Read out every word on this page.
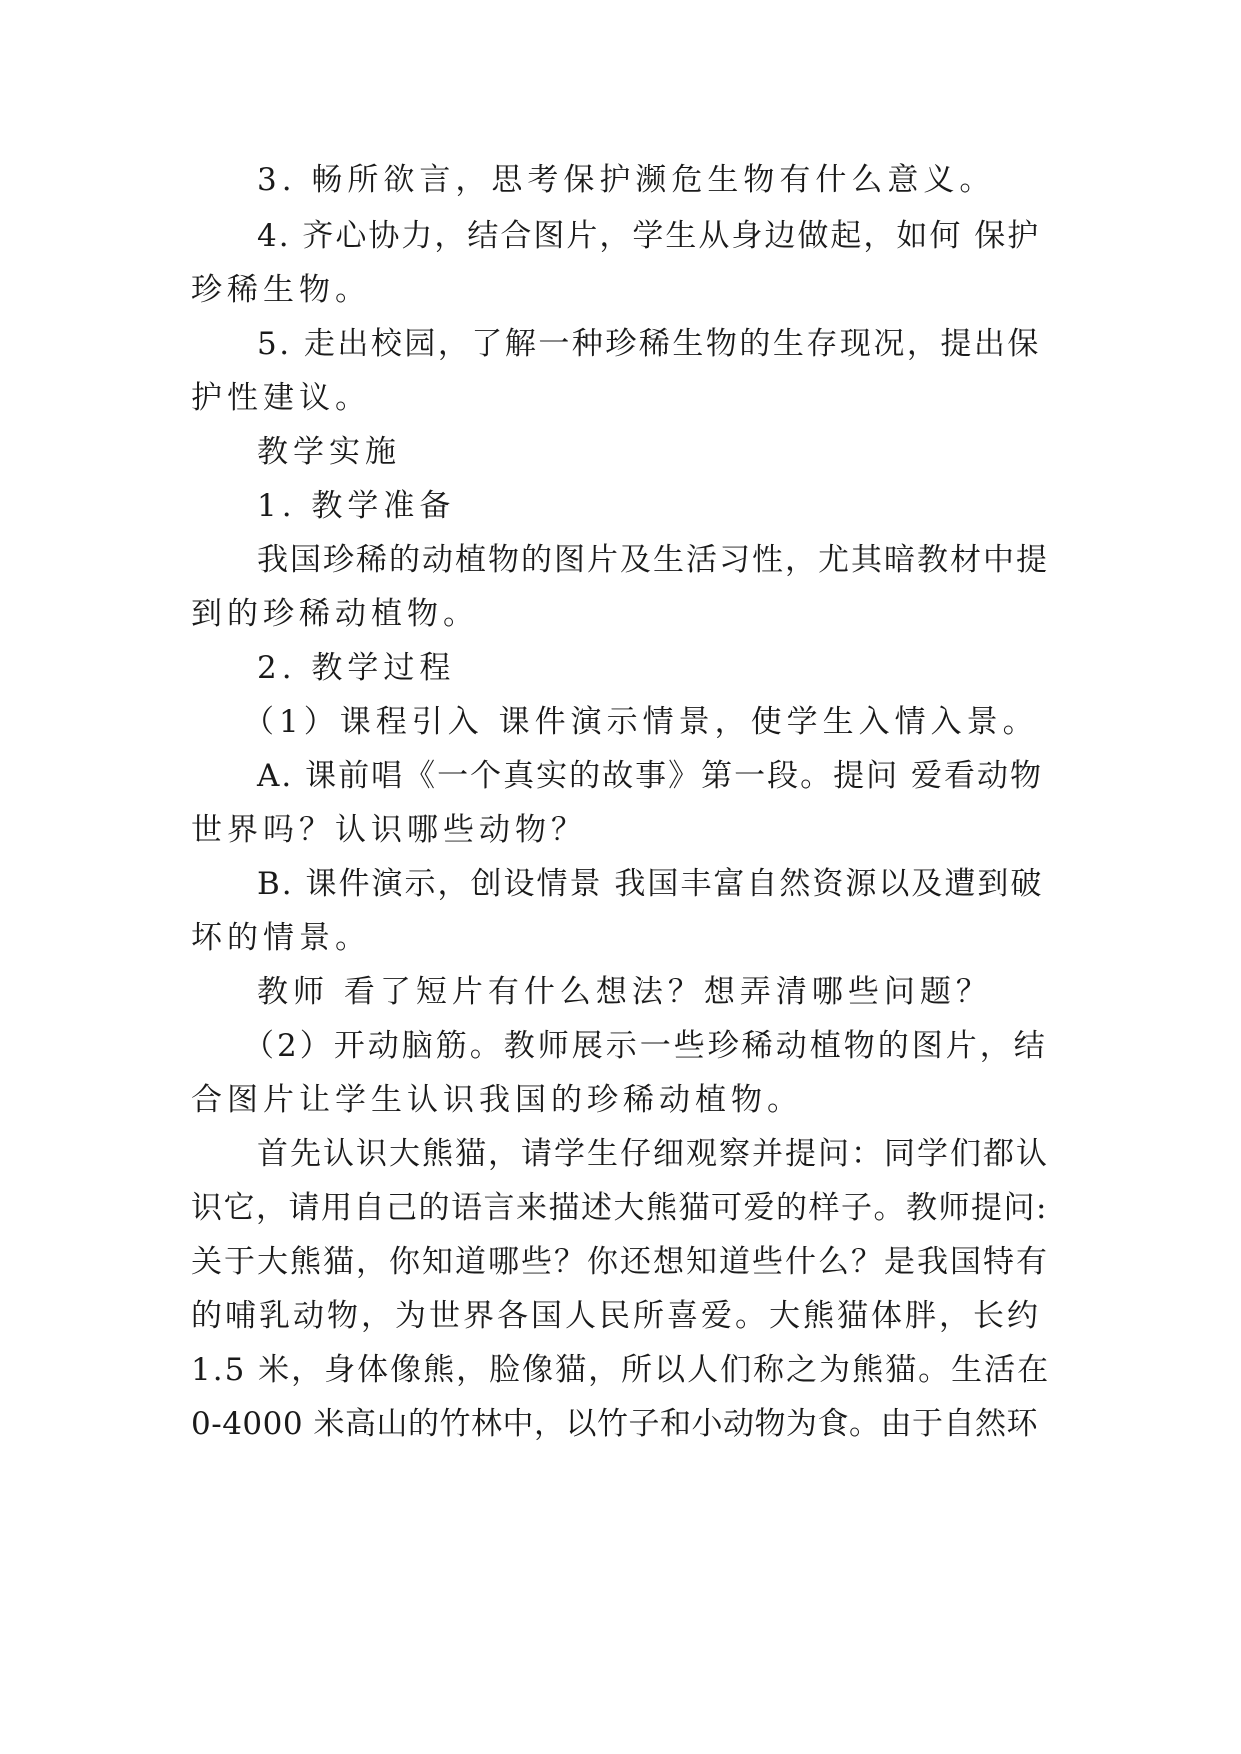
3. 畅所欲言，思考保护濒危生物有什么意义。
4. 齐心协力，结合图片，学生从身边做起，如何 保护
珍稀生物。
5. 走出校园，了解一种珍稀生物的生存现况，提出保
护性建议。
教学实施
1. 教学准备
我国珍稀的动植物的图片及生活习性，尤其暗教材中提
到的珍稀动植物。
2. 教学过程
（1）课程引入 课件演示情景，使学生入情入景。
A. 课前唱《一个真实的故事》第一段。提问 爱看动物
世界吗？认识哪些动物？
B. 课件演示，创设情景 我国丰富自然资源以及遭到破
坏的情景。
教师 看了短片有什么想法？想弄清哪些问题？
（2）开动脑筋。教师展示一些珍稀动植物的图片，结
合图片让学生认识我国的珍稀动植物。
首先认识大熊猫，请学生仔细观察并提问：同学们都认
识它，请用自己的语言来描述大熊猫可爱的样子。教师提问:
关于大熊猫，你知道哪些？你还想知道些什么？是我国特有
的哺乳动物，为世界各国人民所喜爱。大熊猫体胖，长约
1.5 米，身体像熊，脸像猫，所以人们称之为熊猫。生活在
0-4000 米高山的竹林中，以竹子和小动物为食。由于自然环
